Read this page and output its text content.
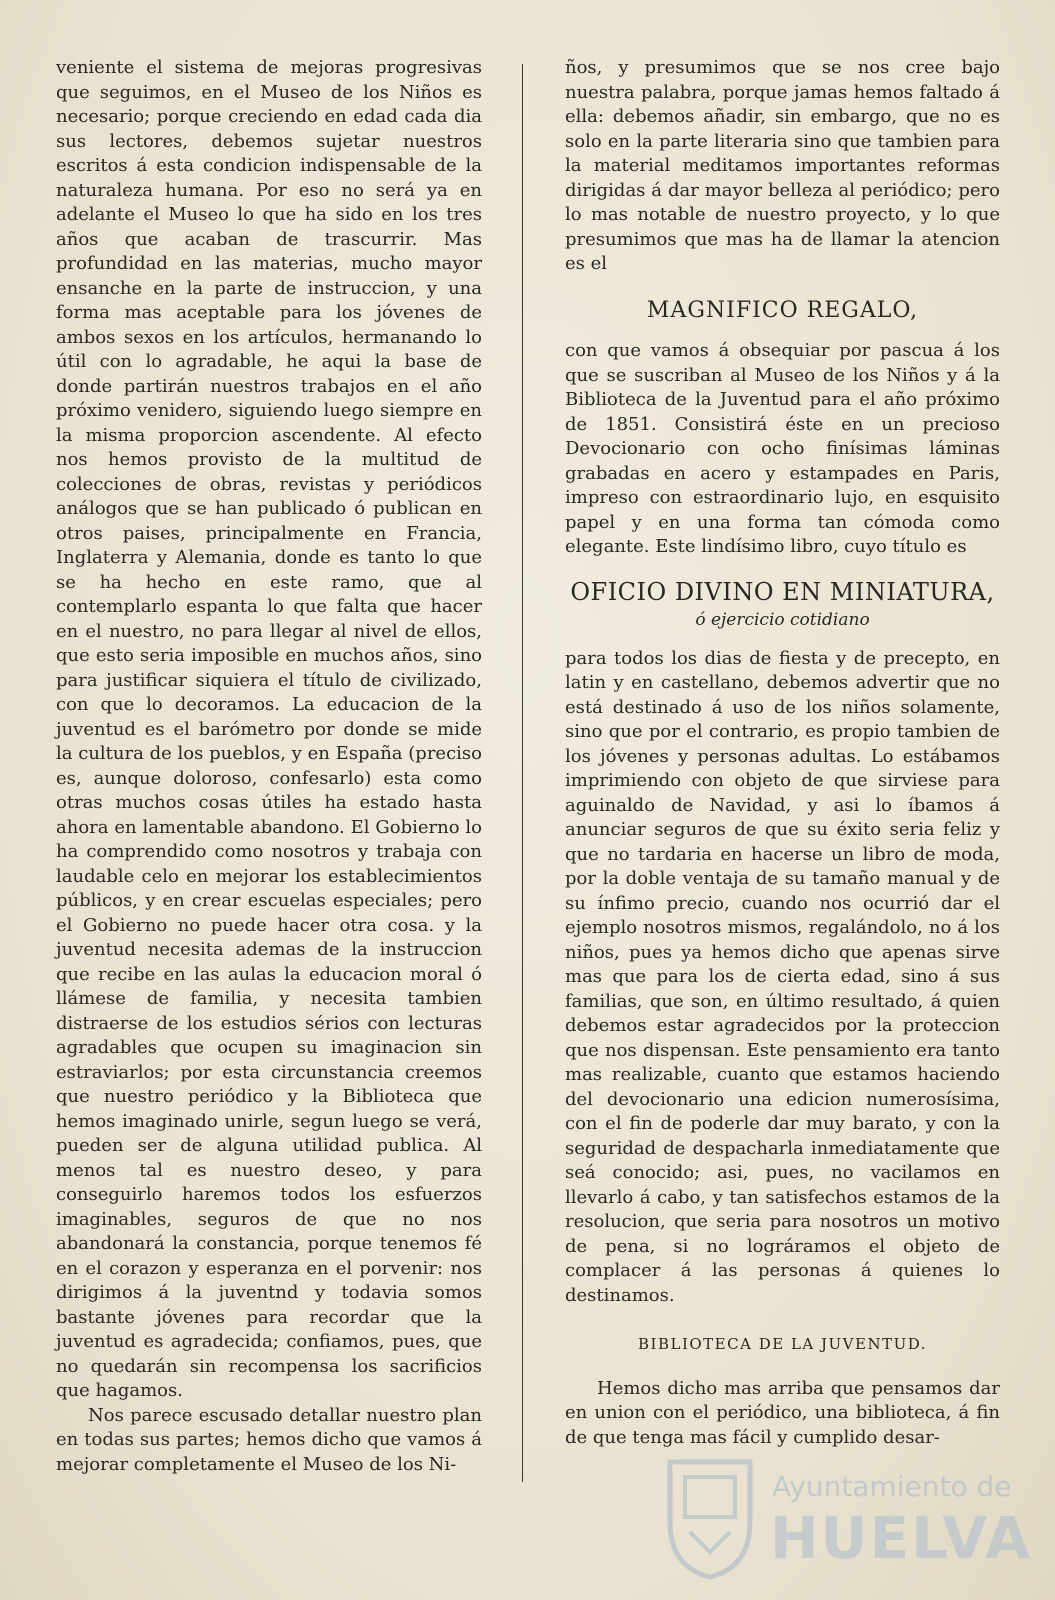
veniente el sistema de mejoras progresivas que seguimos, en el Museo de los Niños es necesario; porque creciendo en edad cada dia sus lectores, debemos sujetar nuestros escritos á esta condicion indispensable de la naturaleza humana. Por eso no será ya en adelante el Museo lo que ha sido en los tres años que acaban de trascurrir. Mas profundidad en las materias, mucho mayor ensanche en la parte de instruccion, y una forma mas aceptable para los jóvenes de ambos sexos en los artículos, hermanando lo útil con lo agradable, he aqui la base de donde partirán nuestros trabajos en el año próximo venidero, siguiendo luego siempre en la misma proporcion ascendente. Al efecto nos hemos provisto de la multitud de colecciones de obras, revistas y periódicos análogos que se han publicado ó publican en otros paises, principalmente en Francia, Inglaterra y Alemania, donde es tanto lo que se ha hecho en este ramo, que al contemplarlo espanta lo que falta que hacer en el nuestro, no para llegar al nivel de ellos, que esto seria imposible en muchos años, sino para justificar siquiera el título de civilizado, con que lo decoramos. La educacion de la juventud es el barómetro por donde se mide la cultura de los pueblos, y en España (preciso es, aunque doloroso, confesarlo) esta como otras muchos cosas útiles ha estado hasta ahora en lamentable abandono. El Gobierno lo ha comprendido como nosotros y trabaja con laudable celo en mejorar los establecimientos públicos, y en crear escuelas especiales; pero el Gobierno no puede hacer otra cosa. y la juventud necesita ademas de la instruccion que recibe en las aulas la educacion moral ó llámese de familia, y necesita tambien distraerse de los estudios sérios con lecturas agradables que ocupen su imaginacion sin estraviarlos; por esta circunstancia creemos que nuestro periódico y la Biblioteca que hemos imaginado unirle, segun luego se verá, pueden ser de alguna utilidad publica. Al menos tal es nuestro deseo, y para conseguirlo haremos todos los esfuerzos imaginables, seguros de que no nos abandonará la constancia, porque tenemos fé en el corazon y esperanza en el porvenir: nos dirigimos á la juventnd y todavia somos bastante jóvenes para recordar que la juventud es agradecida; confiamos, pues, que no quedarán sin recompensa los sacrificios que hagamos.

Nos parece escusado detallar nuestro plan en todas sus partes; hemos dicho que vamos á mejorar completamente el Museo de los Ni-

ños, y presumimos que se nos cree bajo nuestra palabra, porque jamas hemos faltado á ella: debemos añadir, sin embargo, que no es solo en la parte literaria sino que tambien para la material meditamos importantes reformas dirigidas á dar mayor belleza al periódico; pero lo mas notable de nuestro proyecto, y lo que presumimos que mas ha de llamar la atencion es el

MAGNIFICO REGALO,

con que vamos á obsequiar por pascua á los que se suscriban al Museo de los Niños y á la Biblioteca de la Juventud para el año próximo de 1851. Consistirá éste en un precioso Devocionario con ocho finísimas láminas grabadas en acero y estampades en Paris, impreso con estraordinario lujo, en esquisito papel y en una forma tan cómoda como elegante. Este lindísimo libro, cuyo título es

OFICIO DIVINO EN MINIATURA,
ó ejercicio cotidiano

para todos los dias de fiesta y de precepto, en latin y en castellano, debemos advertir que no está destinado á uso de los niños solamente, sino que por el contrario, es propio tambien de los jóvenes y personas adultas. Lo estábamos imprimiendo con objeto de que sirviese para aguinaldo de Navidad, y asi lo íbamos á anunciar seguros de que su éxito seria feliz y que no tardaria en hacerse un libro de moda, por la doble ventaja de su tamaño manual y de su ínfimo precio, cuando nos ocurrió dar el ejemplo nosotros mismos, regalándolo, no á los niños, pues ya hemos dicho que apenas sirve mas que para los de cierta edad, sino á sus familias, que son, en último resultado, á quien debemos estar agradecidos por la proteccion que nos dispensan. Este pensamiento era tanto mas realizable, cuanto que estamos haciendo del devocionario una edicion numerosísima, con el fin de poderle dar muy barato, y con la seguridad de despacharla inmediatamente que seá conocido; asi, pues, no vacilamos en llevarlo á cabo, y tan satisfechos estamos de la resolucion, que seria para nosotros un motivo de pena, si no lográramos el objeto de complacer á las personas á quienes lo destinamos.

BIBLIOTECA DE LA JUVENTUD.

Hemos dicho mas arriba que pensamos dar en union con el periódico, una biblioteca, á fin de que tenga mas fácil y cumplido desar-

Ayuntamiento de
HUELVA
